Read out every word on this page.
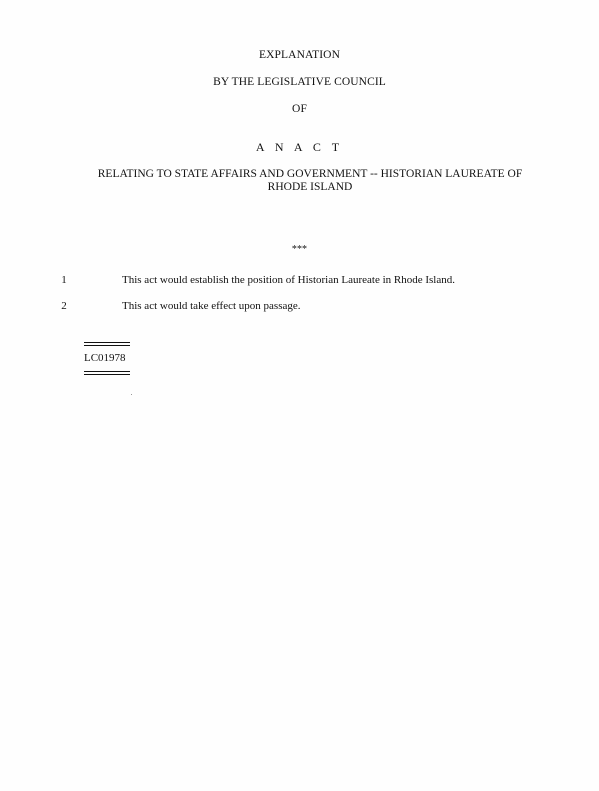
EXPLANATION
BY THE LEGISLATIVE COUNCIL
OF
A N A C T
RELATING TO STATE AFFAIRS AND GOVERNMENT -- HISTORIAN LAUREATE OF
RHODE ISLAND
***
1	This act would establish the position of Historian Laureate in Rhode Island.
2	This act would take effect upon passage.
LC01978
